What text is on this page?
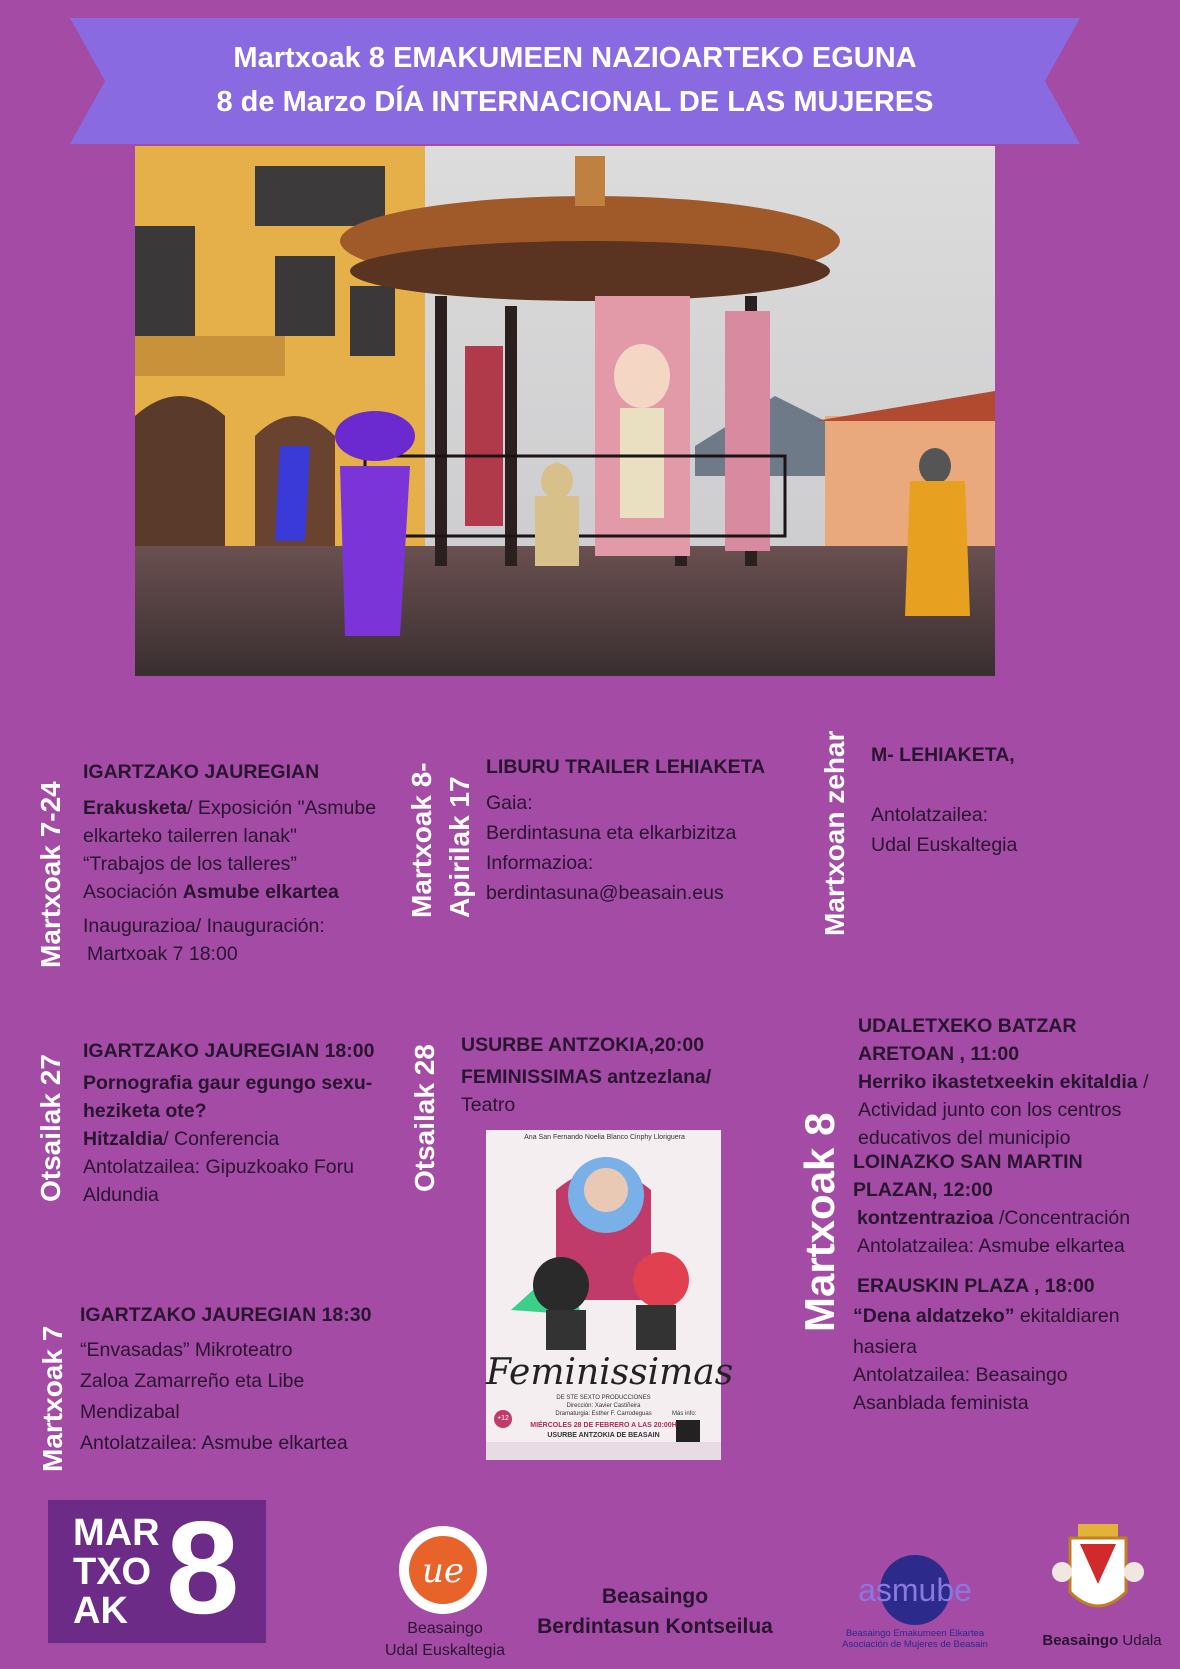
Martxoak 8 EMAKUMEEN NAZIOARTEKO EGUNA
8 de Marzo DÍA INTERNACIONAL DE LAS MUJERES
Martxoak 7-24	Martxoak 8- Apirilak 17	Martxoan zehar
Otsailak 27	Otsailak 28
Martxoak 7
Martxoak 8
IGARTZAKO JAUREGIAN
Erakusketa/ Exposición "Asmube
elkarteko tailerren lanak"
“Trabajos de los talleres”
Asociación Asmube elkartea
Inaugurazioa/ Inauguración:
Martxoak 7 18:00
LIBURU TRAILER LEHIAKETA
Gaia:
Berdintasuna eta elkarbizitza
Informazioa:
berdintasuna@beasain.eus
M- LEHIAKETA,
Antolatzailea:
Udal Euskaltegia
IGARTZAKO JAUREGIAN 18:00
Pornografia gaur egungo sexu-
heziketa ote?
Hitzaldia/ Conferencia
Antolatzailea: Gipuzkoako Foru
Aldundia
USURBE ANTZOKIA,20:00
FEMINISSIMAS antzezlana/
Teatro
Ana San Fernando Noelia Blanco Cinphy Lloriguera
Feminissimas
DE STE SEXTO PRODUCCIONES
Dirección: Xavier Castiñeira
Dramaturgia: Esther F. Carrodeguas
+12
Más info:
MIÉRCOLES 28 DE FEBRERO A LAS 20:00H
USURBE ANTZOKIA DE BEASAIN
IGARTZAKO JAUREGIAN 18:30
“Envasadas” Mikroteatro
Zaloa Zamarreño eta Libe
Mendizabal
Antolatzailea: Asmube elkartea
UDALETXEKO BATZAR
ARETOAN , 11:00
Herriko ikastetxeekin ekitaldia /
Actividad junto con los centros
educativos del municipio
LOINAZKO SAN MARTIN
PLAZAN, 12:00
kontzentrazioa /Concentración
Antolatzailea: Asmube elkartea
ERAUSKIN PLAZA , 18:00
“Dena aldatzeko” ekitaldiaren
hasiera
Antolatzailea: Beasaingo
Asanblada feminista
MAR
TXO
AK 8	ue
Beasaingo
Udal Euskaltegia
Beasaingo
Berdintasun Kontseilua
asmube
Beasaingo Emakumeen Elkartea
Asociación de Mujeres de Beasain	Beasaingo Udala
